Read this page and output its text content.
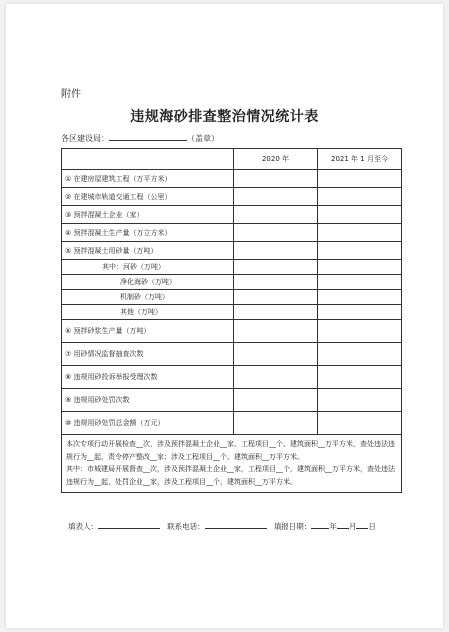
附件
违规海砂排查整治情况统计表
各区建设局：	（盖章）
	2020 年	2021 年 1 月至今
① 在建房屋建筑工程（万平方米）		
② 在建城市轨道交通工程（公里）		
③ 预拌混凝土企业（家）		
④ 预拌混凝土生产量（万立方米）		
⑤ 预拌混凝土用砂量（万吨）		
其中：河砂（万吨）		
净化海砂（万吨）		
机制砂（万吨）		
其他（万吨）		
⑥ 预拌砂浆生产量（万吨）		
⑦ 用砂情况监督抽查次数		
⑧ 违规用砂投诉举报受理次数		
⑨ 违规用砂处罚次数		
⑩ 违规用砂处罚总金额（万元）		

本次专项行动开展检查__次，涉及预拌混凝土企业__家、工程项目__个、建筑面积__万平方米，查处违法违规行为__起，责令停产整改__家；涉及工程项目__个、建筑面积__万平方米。

其中：市城建局开展督查__次，涉及预拌混凝土企业__家，工程项目__个，建筑面积__万平方米，查处违法违规行为__起，处罚企业__家，涉及工程项目__个，建筑面积__万平方米。		

填表人：	联系电话：	填报日期： 年 月 日
